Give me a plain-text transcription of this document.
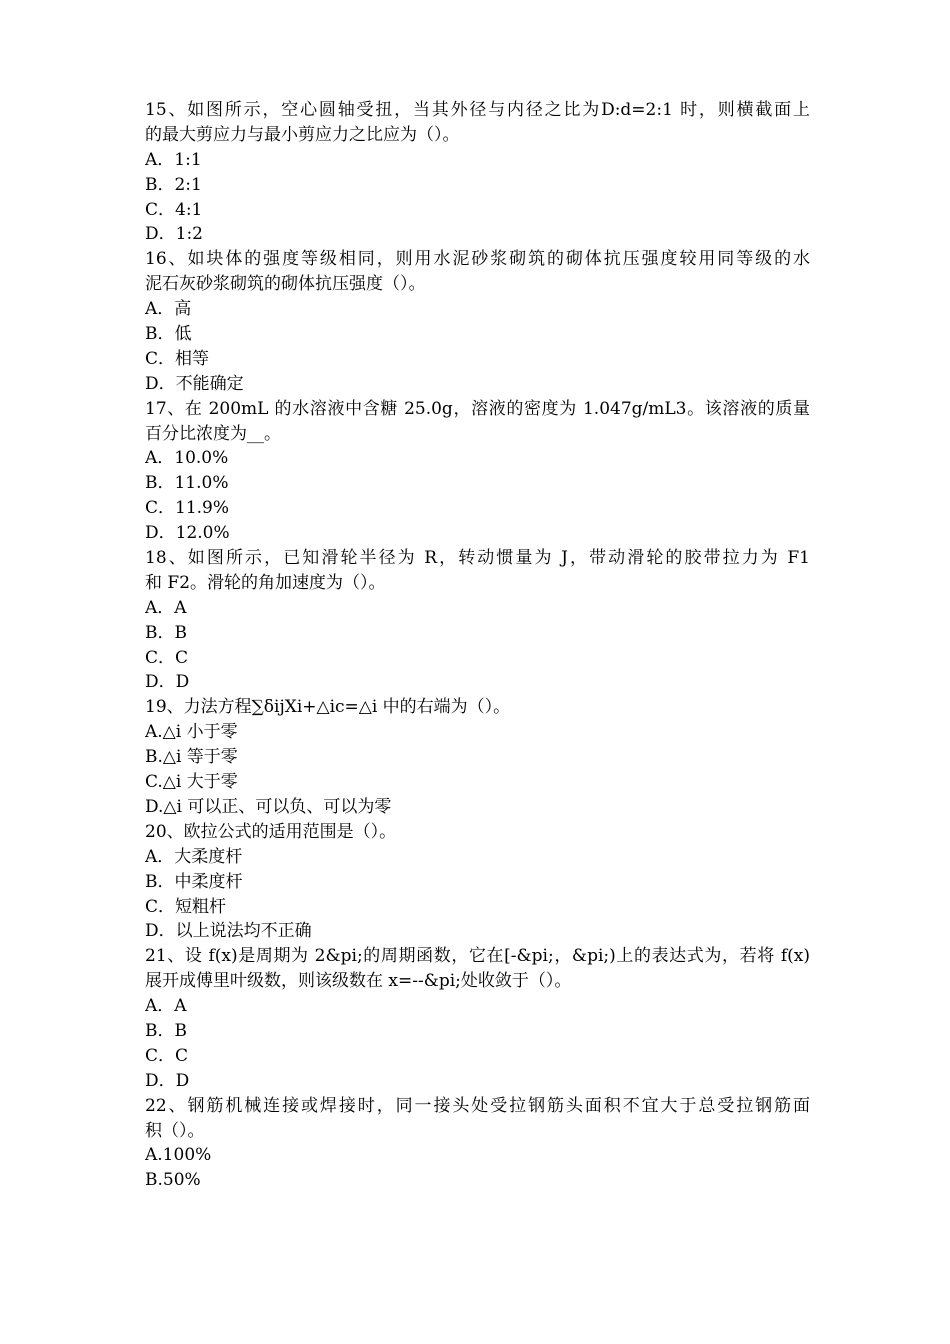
15、如图所示，空心圆轴受扭，当其外径与内径之比为D:d=2:1 时，则横截面上
的最大剪应力与最小剪应力之比应为（）。
A．1:1
B．2:1
C．4:1
D．1:2
16、如块体的强度等级相同，则用水泥砂浆砌筑的砌体抗压强度较用同等级的水
泥石灰砂浆砌筑的砌体抗压强度（）。
A．高
B．低
C．相等
D．不能确定
17、在 200mL 的水溶液中含糖 25.0g，溶液的密度为 1.047g/mL3。该溶液的质量
百分比浓度为__。
A．10.0%
B．11.0%
C．11.9%
D．12.0%
18、如图所示，已知滑轮半径为 R，转动惯量为 J，带动滑轮的胶带拉力为 F1
和 F2。滑轮的角加速度为（）。
A．A
B．B
C．C
D．D
19、力法方程∑δijXi+△ic=△i 中的右端为（）。
A.△i 小于零
B.△i 等于零
C.△i 大于零
D.△i 可以正、可以负、可以为零
20、欧拉公式的适用范围是（）。
A．大柔度杆
B．中柔度杆
C．短粗杆
D．以上说法均不正确
21、设 f(x)是周期为 2&pi;的周期函数，它在[-&pi;，&pi;)上的表达式为，若将 f(x)
展开成傅里叶级数，则该级数在 x=--&pi;处收敛于（）。
A．A
B．B
C．C
D．D
22、钢筋机械连接或焊接时，同一接头处受拉钢筋头面积不宜大于总受拉钢筋面
积（）。
A.100%
B.50%
